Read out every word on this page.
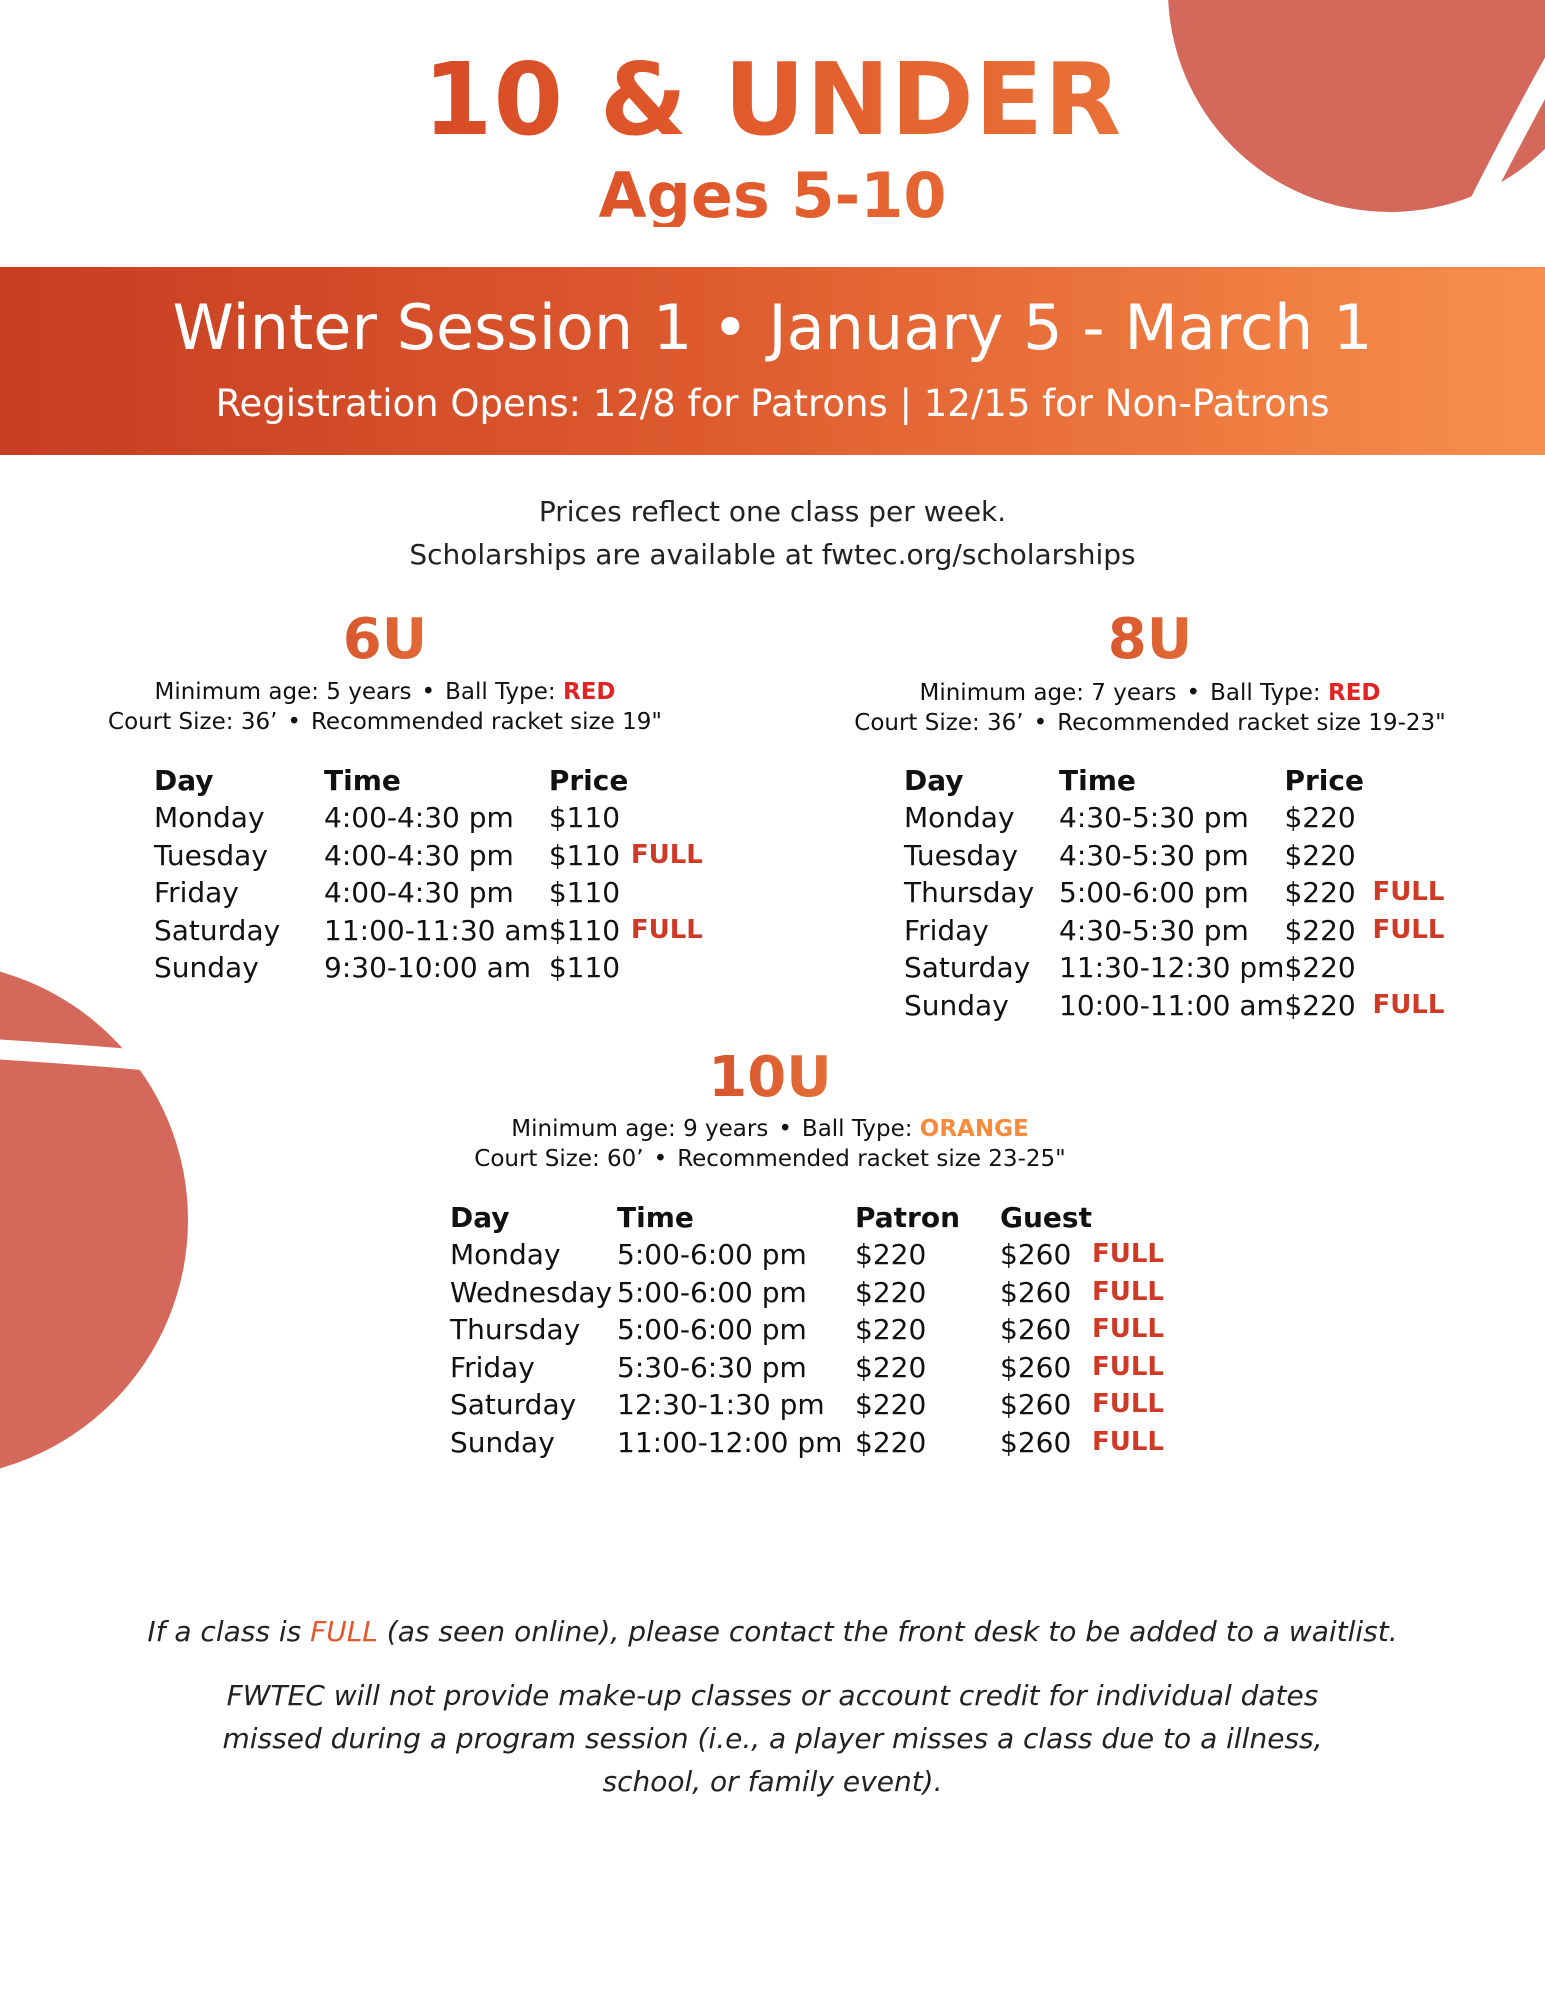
10 & UNDER
Ages 5-10
Winter Session 1 • January 5 - March 1
Registration Opens: 12/8 for Patrons | 12/15 for Non-Patrons
Prices reflect one class per week.
Scholarships are available at fwtec.org/scholarships
6U
Minimum age: 5 years • Ball Type: RED
Court Size: 36’ • Recommended racket size 19"
Day	Time	Price	
Monday	4:00-4:30 pm	$110	
Tuesday	4:00-4:30 pm	$110	FULL
Friday	4:00-4:30 pm	$110	
Saturday	11:00-11:30 am	$110	FULL
Sunday	9:30-10:00 am	$110	
8U
Minimum age: 7 years • Ball Type: RED
Court Size: 36’ • Recommended racket size 19-23"
Day	Time	Price	
Monday	4:30-5:30 pm	$220	
Tuesday	4:30-5:30 pm	$220	
Thursday	5:00-6:00 pm	$220	FULL
Friday	4:30-5:30 pm	$220	FULL
Saturday	11:30-12:30 pm	$220	
Sunday	10:00-11:00 am	$220	FULL
10U
Minimum age: 9 years • Ball Type: ORANGE
Court Size: 60’ • Recommended racket size 23-25"
Day	Time	Patron	Guest	
Monday	5:00-6:00 pm	$220	$260	FULL
Wednesday	5:00-6:00 pm	$220	$260	FULL
Thursday	5:00-6:00 pm	$220	$260	FULL
Friday	5:30-6:30 pm	$220	$260	FULL
Saturday	12:30-1:30 pm	$220	$260	FULL
Sunday	11:00-12:00 pm	$220	$260	FULL
If a class is FULL (as seen online), please contact the front desk to be added to a waitlist.
FWTEC will not provide make-up classes or account credit for individual dates
missed during a program session (i.e., a player misses a class due to a illness,
school, or family event).
